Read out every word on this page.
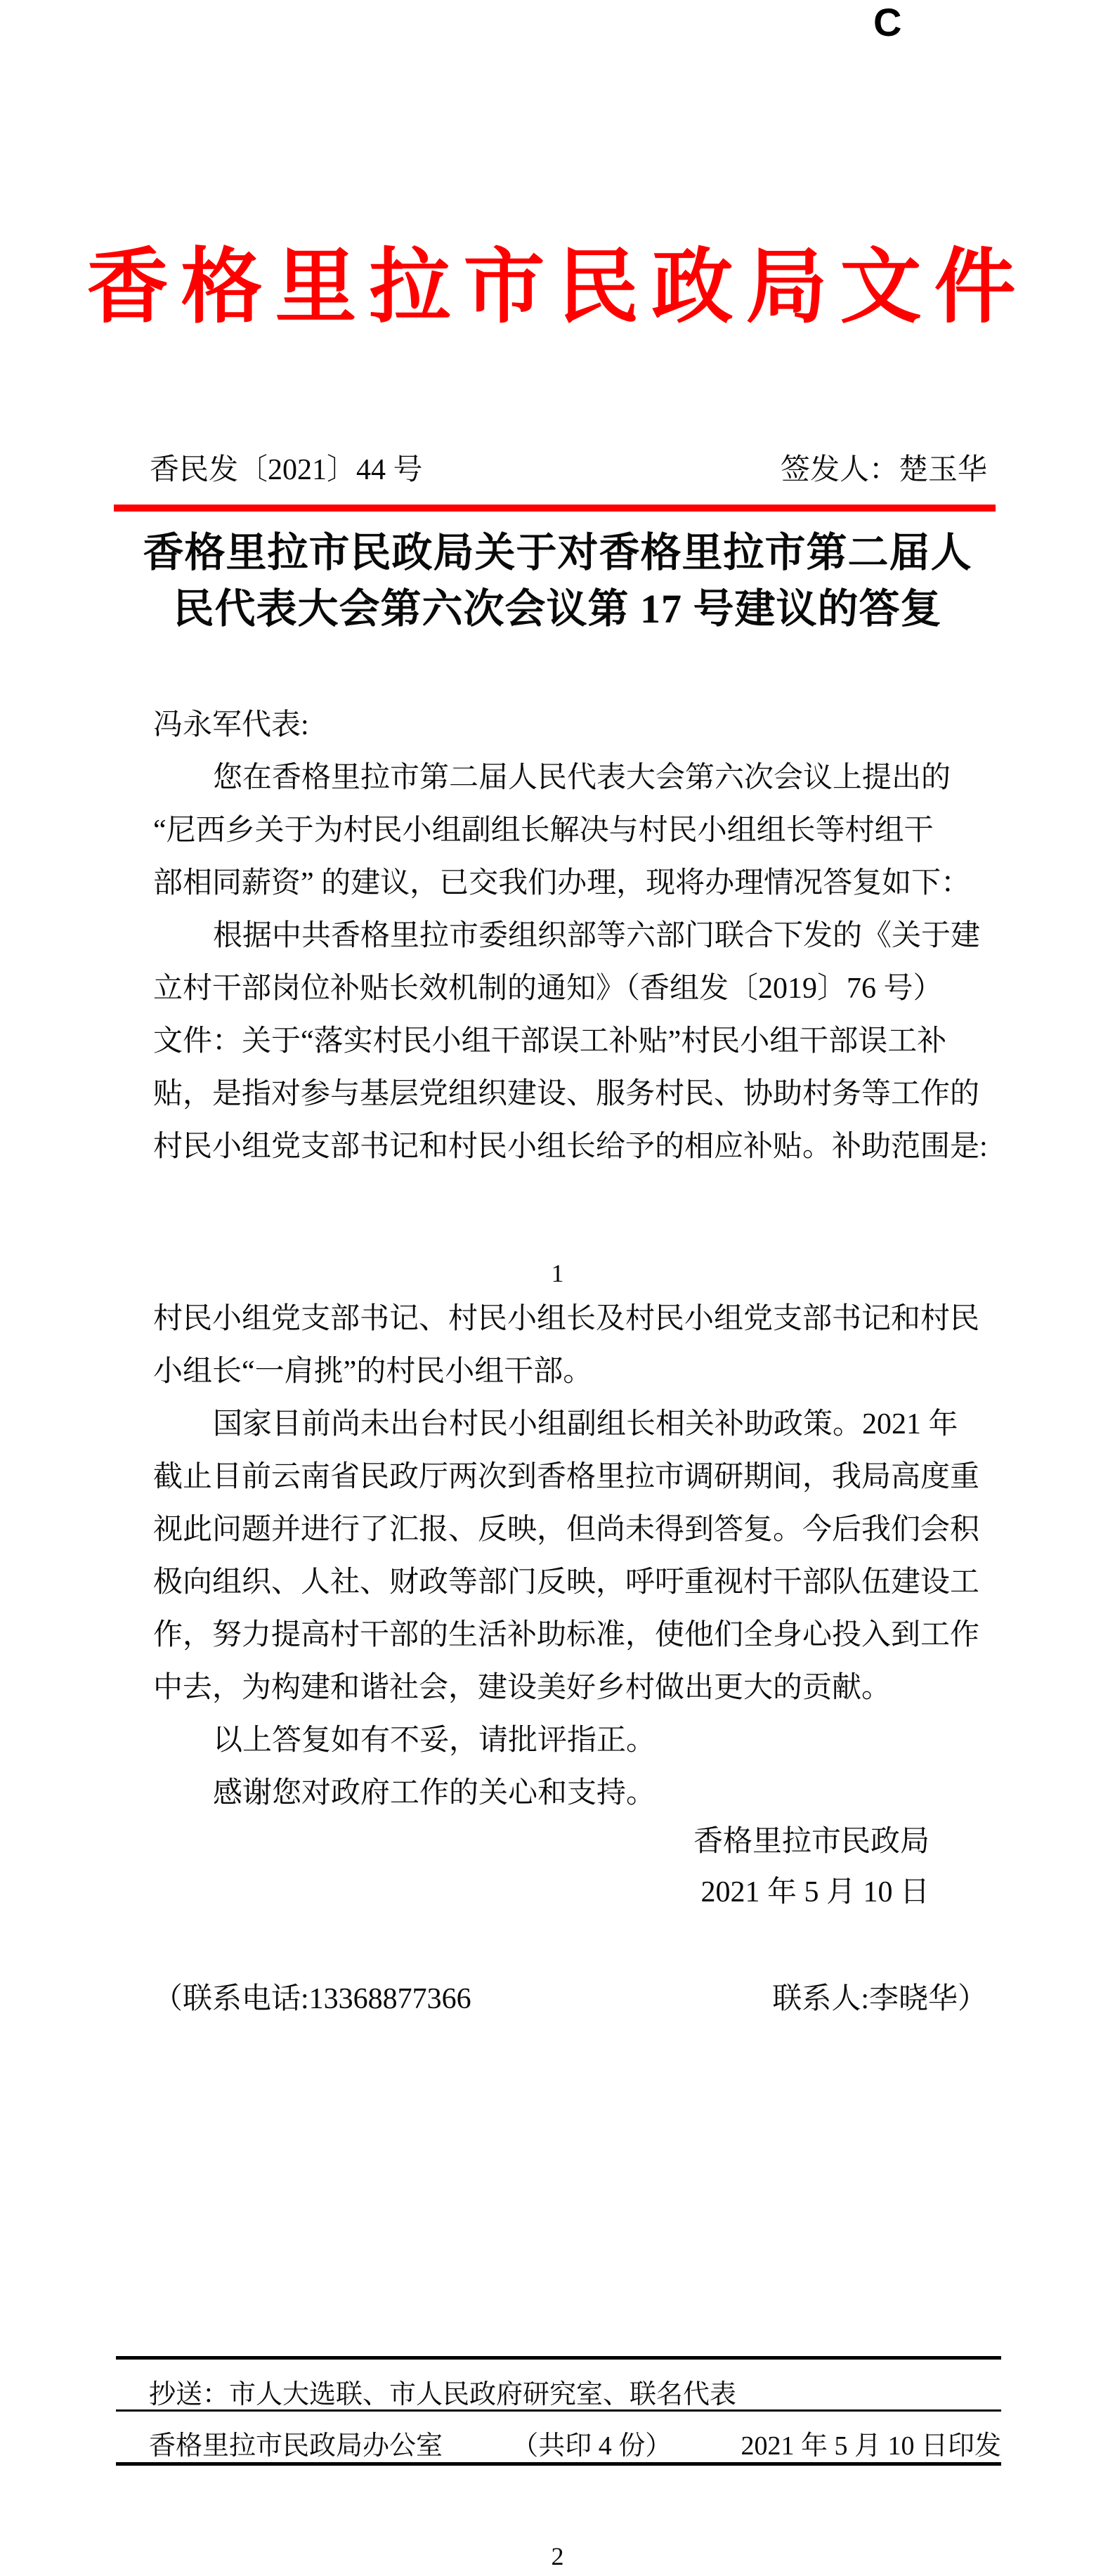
C
香格里拉市民政局文件
香民发〔2021〕44 号	签发人：楚玉华
香格里拉市民政局关于对香格里拉市第二届人
民代表大会第六次会议第 17 号建议的答复
冯永军代表:
您在香格里拉市第二届人民代表大会第六次会议上提出的
“尼西乡关于为村民小组副组长解决与村民小组组长等村组干
部相同薪资” 的建议，已交我们办理，现将办理情况答复如下：
根据中共香格里拉市委组织部等六部门联合下发的《关于建
立村干部岗位补贴长效机制的通知》（香组发〔2019〕76 号）
文件：关于“落实村民小组干部误工补贴”村民小组干部误工补
贴，是指对参与基层党组织建设、服务村民、协助村务等工作的
村民小组党支部书记和村民小组长给予的相应补贴。补助范围是:
1
村民小组党支部书记、村民小组长及村民小组党支部书记和村民
小组长“一肩挑”的村民小组干部。
国家目前尚未出台村民小组副组长相关补助政策。2021 年
截止目前云南省民政厅两次到香格里拉市调研期间，我局高度重
视此问题并进行了汇报、反映，但尚未得到答复。今后我们会积
极向组织、人社、财政等部门反映，呼吁重视村干部队伍建设工
作，努力提高村干部的生活补助标准，使他们全身心投入到工作
中去，为构建和谐社会，建设美好乡村做出更大的贡献。
以上答复如有不妥，请批评指正。
感谢您对政府工作的关心和支持。
香格里拉市民政局
2021 年 5 月 10 日
（联系电话:13368877366	联系人:李晓华）
抄送：市人大选联、市人民政府研究室、联名代表
香格里拉市民政局办公室	（共印 4 份）	2021 年 5 月 10 日印发
2
